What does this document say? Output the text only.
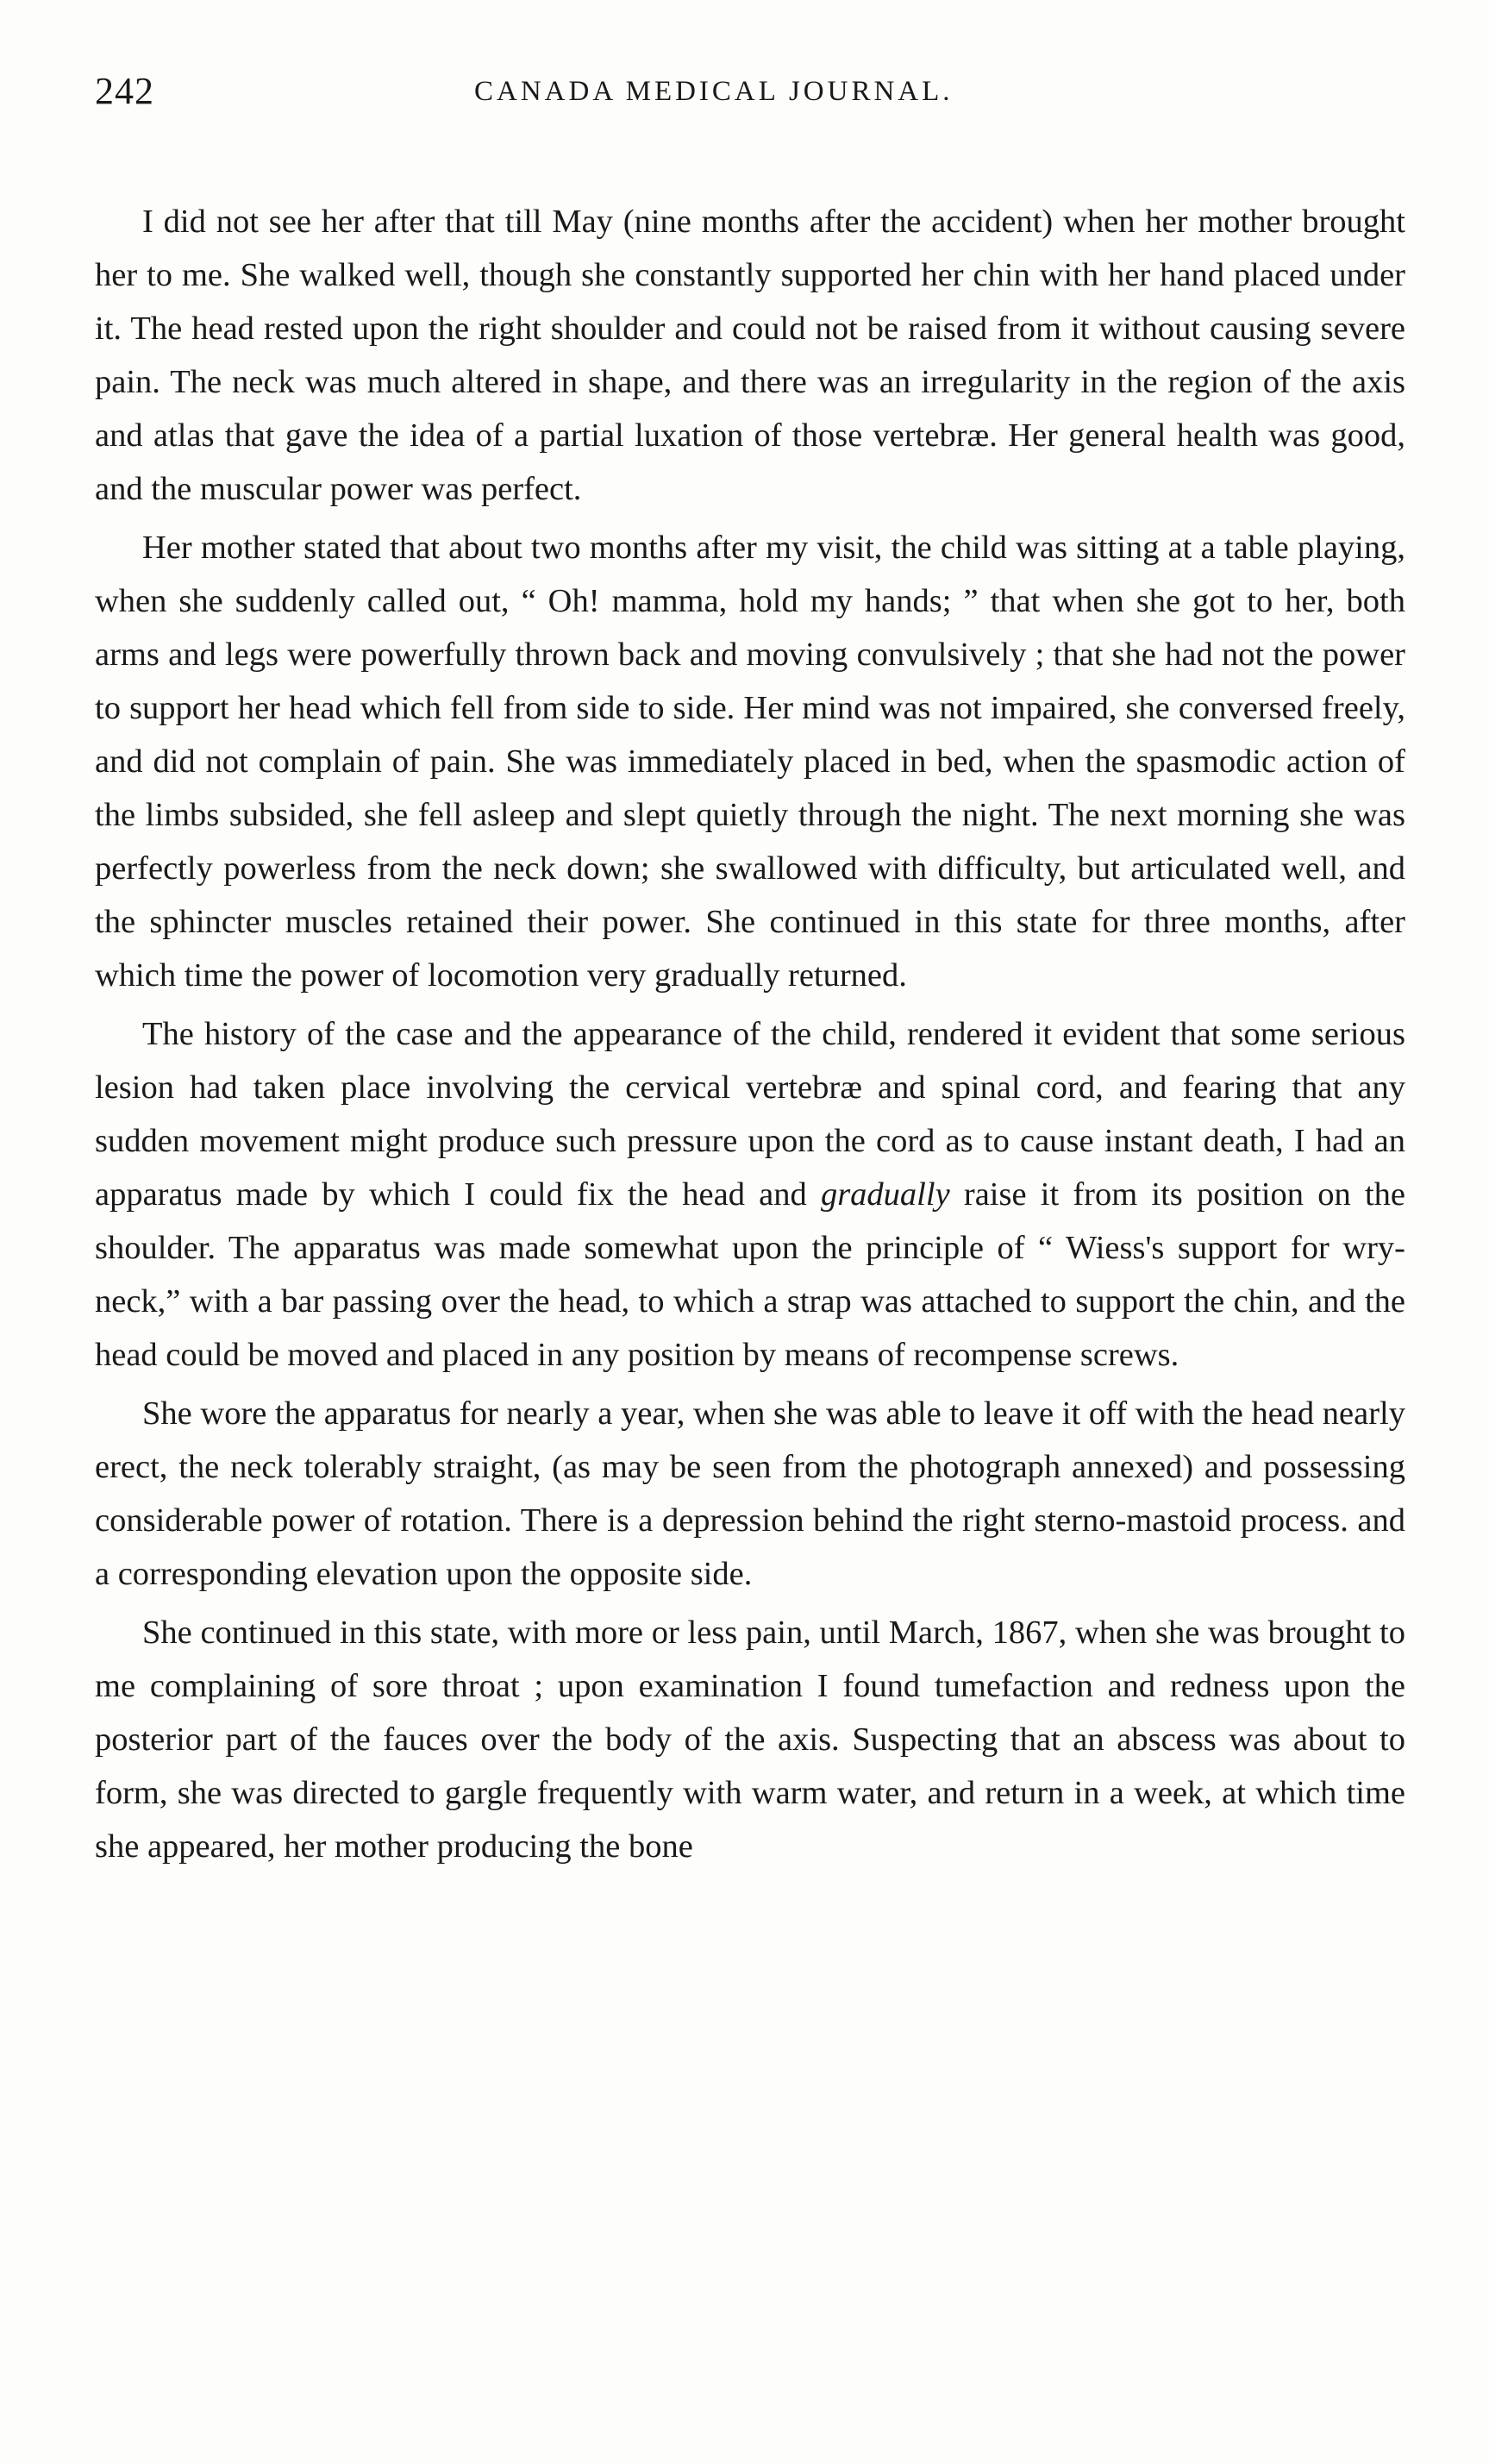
242	CANADA MEDICAL JOURNAL.

I did not see her after that till May (nine months after the accident) when her mother brought her to me. She walked well, though she constantly supported her chin with her hand placed under it. The head rested upon the right shoulder and could not be raised from it without causing severe pain. The neck was much altered in shape, and there was an irregularity in the region of the axis and atlas that gave the idea of a partial luxation of those vertebræ. Her general health was good, and the muscular power was perfect.

Her mother stated that about two months after my visit, the child was sitting at a table playing, when she suddenly called out, “ Oh! mamma, hold my hands; ” that when she got to her, both arms and legs were powerfully thrown back and moving convulsively ; that she had not the power to support her head which fell from side to side. Her mind was not impaired, she conversed freely, and did not complain of pain. She was immediately placed in bed, when the spasmodic action of the limbs subsided, she fell asleep and slept quietly through the night. The next morning she was perfectly powerless from the neck down; she swallowed with difficulty, but articulated well, and the sphincter muscles retained their power. She continued in this state for three months, after which time the power of locomotion very gradually returned.

The history of the case and the appearance of the child, rendered it evident that some serious lesion had taken place involving the cervical vertebræ and spinal cord, and fearing that any sudden movement might produce such pressure upon the cord as to cause instant death, I had an apparatus made by which I could fix the head and gradually raise it from its position on the shoulder. The apparatus was made somewhat upon the principle of “ Wiess's support for wry-neck,” with a bar passing over the head, to which a strap was attached to support the chin, and the head could be moved and placed in any position by means of recompense screws.

She wore the apparatus for nearly a year, when she was able to leave it off with the head nearly erect, the neck tolerably straight, (as may be seen from the photograph annexed) and possessing considerable power of rotation. There is a depression behind the right sterno-mastoid process. and a corresponding elevation upon the opposite side.

She continued in this state, with more or less pain, until March, 1867, when she was brought to me complaining of sore throat ; upon examination I found tumefaction and redness upon the posterior part of the fauces over the body of the axis. Suspecting that an abscess was about to form, she was directed to gargle frequently with warm water, and return in a week, at which time she appeared, her mother producing the bone
